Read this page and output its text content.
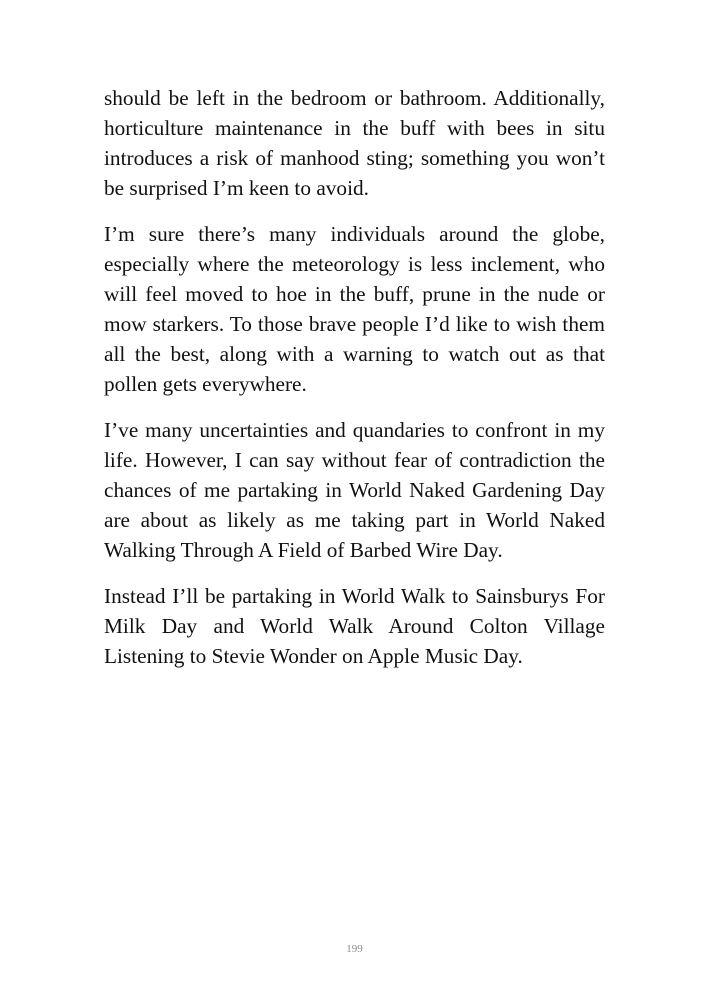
should be left in the bedroom or bathroom. Additionally, horticulture maintenance in the buff with bees in situ introduces a risk of manhood sting; something you won’t be surprised I’m keen to avoid.

I’m sure there’s many individuals around the globe, especially where the meteorology is less inclement, who will feel moved to hoe in the buff, prune in the nude or mow starkers. To those brave people I’d like to wish them all the best, along with a warning to watch out as that pollen gets everywhere.

I’ve many uncertainties and quandaries to confront in my life. However, I can say without fear of contradiction the chances of me partaking in World Naked Gardening Day are about as likely as me taking part in World Naked Walking Through A Field of Barbed Wire Day.

Instead I’ll be partaking in World Walk to Sainsburys For Milk Day and World Walk Around Colton Village Listening to Stevie Wonder on Apple Music Day.

199
